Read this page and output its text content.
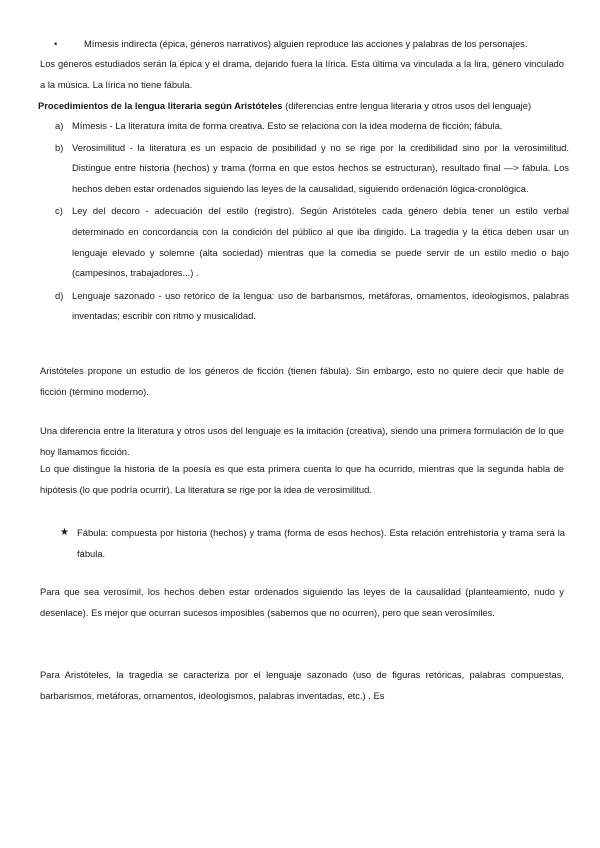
•	Mímesis indirecta (épica, géneros narrativos) alguien reproduce las acciones y palabras de los personajes.

Los géneros estudiados serán la épica y el drama, dejando fuera la lírica. Esta última va vinculada a la lira, género vinculado a la música. La lírica no tiene fábula.

Procedimientos de la lengua literaria según Aristóteles (diferencias entre lengua literaria y otros usos del lenguaje)
a) Mímesis - La literatura imita de forma creativa. Esto se relaciona con la idea moderna de ficción; fábula.
b) Verosimilitud - la literatura es un espacio de posibilidad y no se rige por la credibilidad sino por la verosimilitud. Distingue entre historia (hechos) y trama (forma en que estos hechos se estructuran), resultado final —> fábula. Los hechos deben estar ordenados siguiendo las leyes de la causalidad, siguiendo ordenación lógica-cronológica.
c) Ley del decoro - adecuación del estilo (registro). Según Aristóteles cada género debía tener un estilo verbal determinado en concordancia con la condición del público al que iba dirigido. La tragedia y la ética deben usar un lenguaje elevado y solemne (alta sociedad) mientras que la comedia se puede servir de un estilo medio o bajo (campesinos, trabajadores...) .
d) Lenguaje sazonado - uso retórico de la lengua: uso de barbarismos, metáforas, ornamentos, ideologismos, palabras inventadas; escribir con ritmo y musicalidad.

Aristóteles propone un estudio de los géneros de ficción (tienen fábula). Sin embargo, esto no quiere decir que hable de ficción (término moderno).

Una diferencia entre la literatura y otros usos del lenguaje es la imitación (creativa), siendo una primera formulación de lo que hoy llamamos ficción.

Lo que distingue la historia de la poesía es que esta primera cuenta lo que ha ocurrido, mientras que la segunda habla de hipótesis (lo que podría ocurrir). La literatura se rige por la idea de verosimilitud.

★ Fábula: compuesta por historia (hechos) y trama (forma de esos hechos). Esta relación entrehistoria y trama será la fábula.

Para que sea verosímil, los hechos deben estar ordenados siguiendo las leyes de la causalidad (planteamiento, nudo y desenlace). Es mejor que ocurran sucesos imposibles (sabemos que no ocurren), pero que sean verosímiles.

Para Aristóteles, la tragedia se caracteriza por el lenguaje sazonado (uso de figuras retóricas, palabras compuestas, barbarismos, metáforas, ornamentos, ideologismos, palabras inventadas, etc.) . Es
